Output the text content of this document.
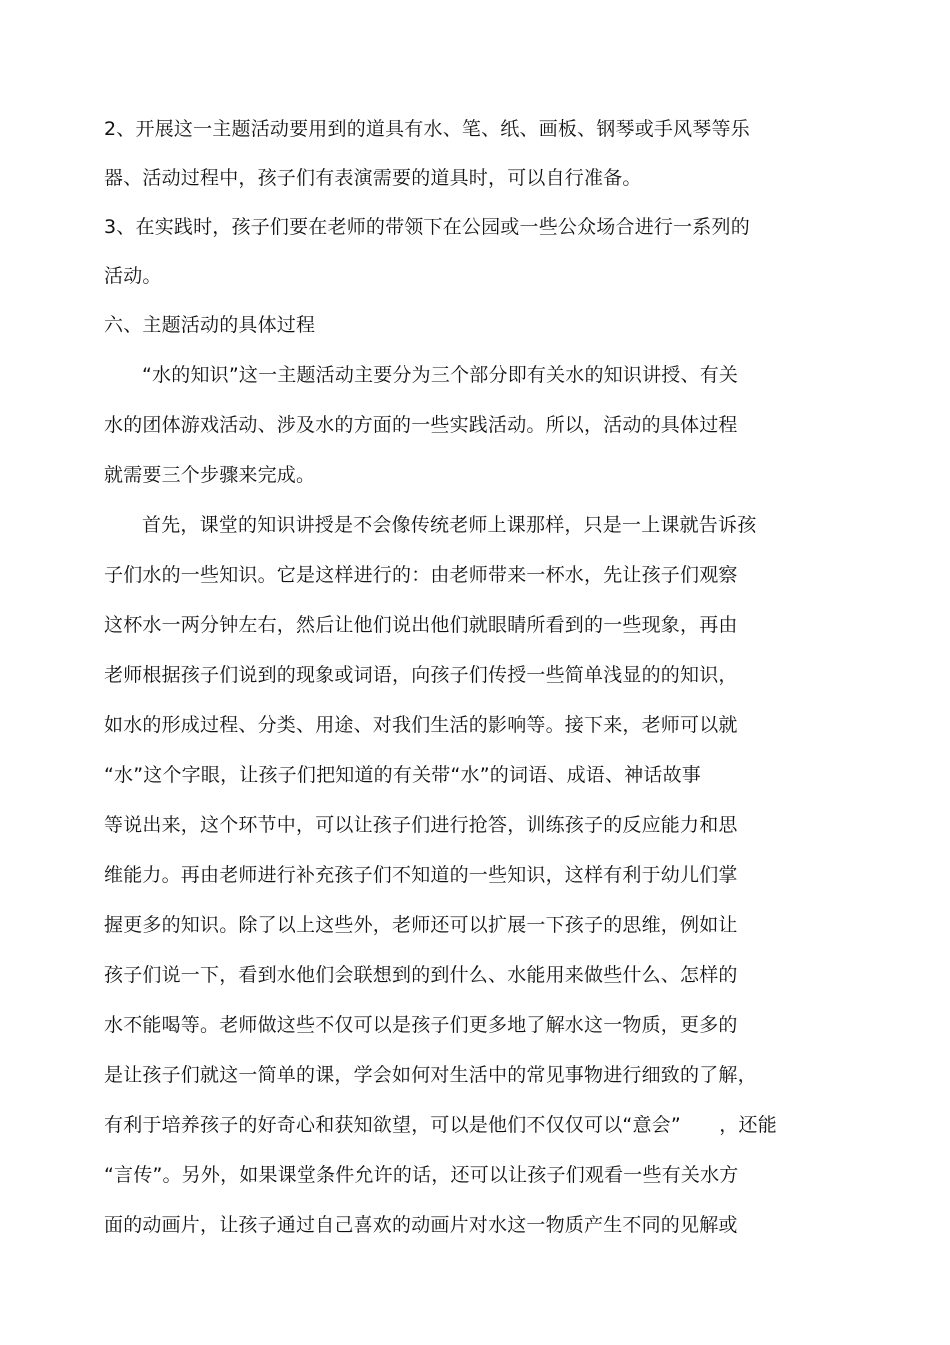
2、开展这一主题活动要用到的道具有水、笔、纸、画板、钢琴或手风琴等乐
器、活动过程中，孩子们有表演需要的道具时，可以自行准备。
3、在实践时，孩子们要在老师的带领下在公园或一些公众场合进行一系列的
活动。
六、主题活动的具体过程
“水的知识”这一主题活动主要分为三个部分即有关水的知识讲授、有关
水的团体游戏活动、涉及水的方面的一些实践活动。所以，活动的具体过程
就需要三个步骤来完成。
首先，课堂的知识讲授是不会像传统老师上课那样，只是一上课就告诉孩
子们水的一些知识。它是这样进行的：由老师带来一杯水，先让孩子们观察
这杯水一两分钟左右，然后让他们说出他们就眼睛所看到的一些现象，再由
老师根据孩子们说到的现象或词语，向孩子们传授一些简单浅显的的知识，
如水的形成过程、分类、用途、对我们生活的影响等。接下来，老师可以就
“水”这个字眼，让孩子们把知道的有关带“水”的词语、成语、神话故事
等说出来，这个环节中，可以让孩子们进行抢答，训练孩子的反应能力和思
维能力。再由老师进行补充孩子们不知道的一些知识，这样有利于幼儿们掌
握更多的知识。除了以上这些外，老师还可以扩展一下孩子的思维，例如让
孩子们说一下，看到水他们会联想到的到什么、水能用来做些什么、怎样的
水不能喝等。老师做这些不仅可以是孩子们更多地了解水这一物质，更多的
是让孩子们就这一简单的课，学会如何对生活中的常见事物进行细致的了解，
有利于培养孩子的好奇心和获知欲望，可以是他们不仅仅可以“意会”　　，还能
“言传”。另外，如果课堂条件允许的话，还可以让孩子们观看一些有关水方
面的动画片，让孩子通过自己喜欢的动画片对水这一物质产生不同的见解或
